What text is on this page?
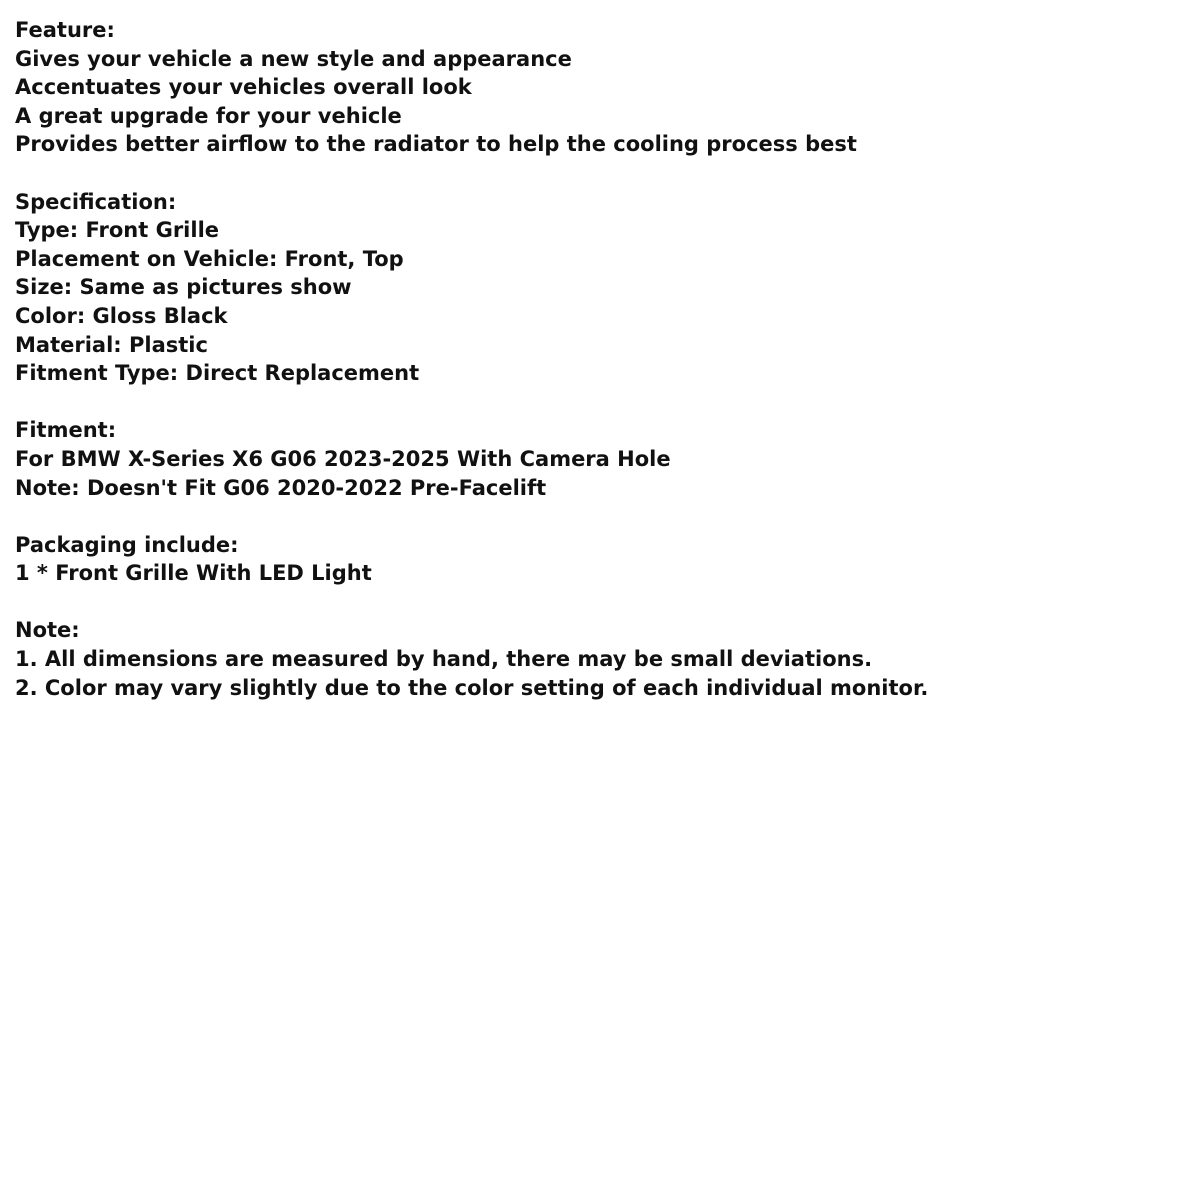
Feature:
Gives your vehicle a new style and appearance
Accentuates your vehicles overall look
A great upgrade for your vehicle
Provides better airflow to the radiator to help the cooling process best
Specification:
Type: Front Grille
Placement on Vehicle: Front, Top
Size: Same as pictures show
Color: Gloss Black
Material: Plastic
Fitment Type: Direct Replacement
Fitment:
For BMW X-Series X6 G06 2023-2025 With Camera Hole
Note: Doesn't Fit G06 2020-2022 Pre-Facelift
Packaging include:
1 * Front Grille With LED Light
Note:
1. All dimensions are measured by hand, there may be small deviations.
2. Color may vary slightly due to the color setting of each individual monitor.
